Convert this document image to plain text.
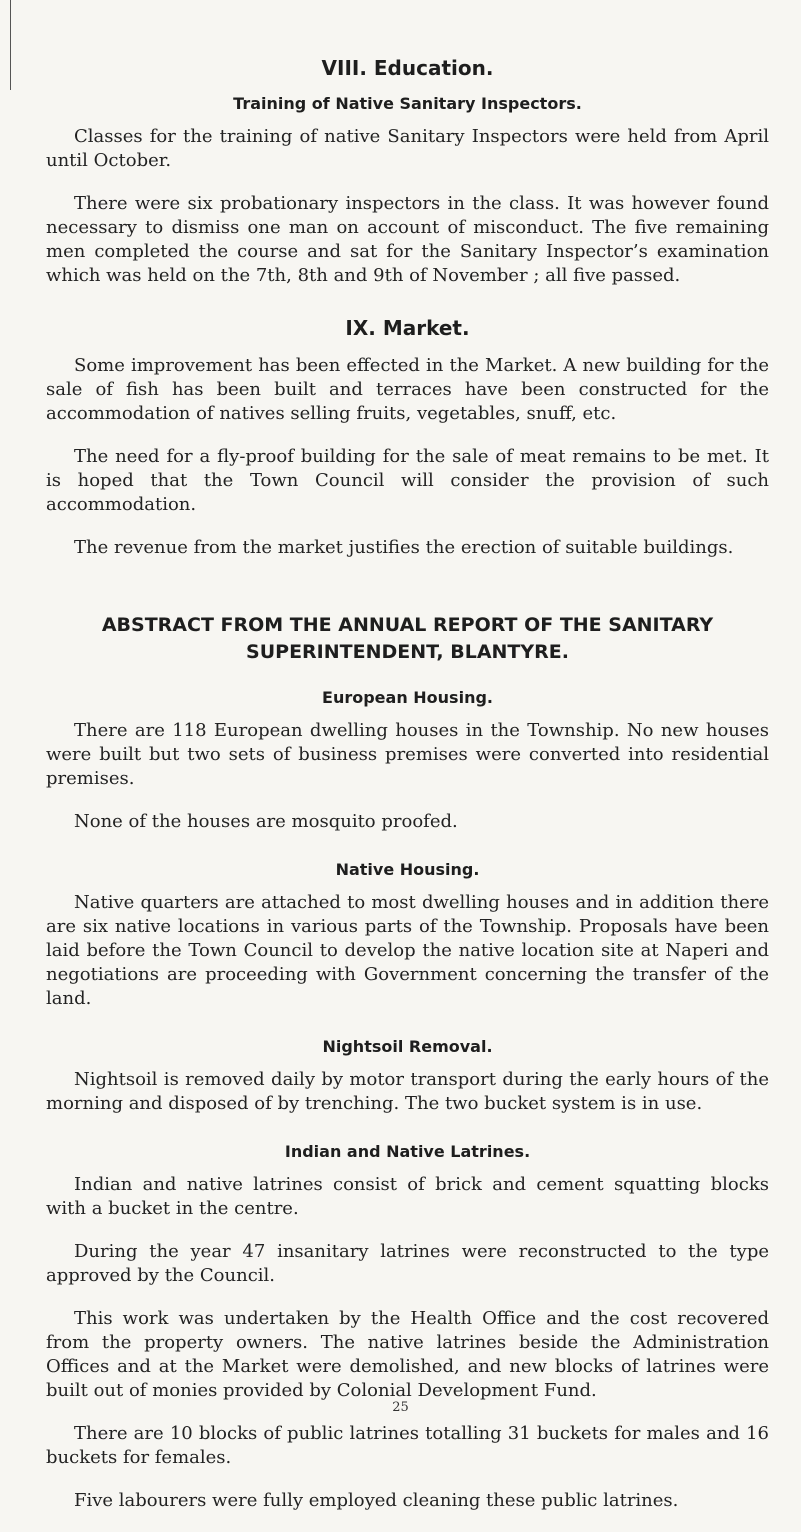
VIII. Education.
Training of Native Sanitary Inspectors.

Classes for the training of native Sanitary Inspectors were held from April until October.

There were six probationary inspectors in the class. It was however found necessary to dismiss one man on account of misconduct. The five remaining men completed the course and sat for the Sanitary Inspector’s examination which was held on the 7th, 8th and 9th of November ; all five passed.

IX. Market.

Some improvement has been effected in the Market. A new building for the sale of fish has been built and terraces have been constructed for the accommodation of natives selling fruits, vegetables, snuff, etc.

The need for a fly-proof building for the sale of meat remains to be met. It is hoped that the Town Council will consider the provision of such accommodation.

The revenue from the market justifies the erection of suitable buildings.

ABSTRACT FROM THE ANNUAL REPORT OF THE SANITARY SUPERINTENDENT, BLANTYRE.
European Housing.

There are 118 European dwelling houses in the Township. No new houses were built but two sets of business premises were converted into residential premises.

None of the houses are mosquito proofed.

Native Housing.

Native quarters are attached to most dwelling houses and in addition there are six native locations in various parts of the Township. Proposals have been laid before the Town Council to develop the native location site at Naperi and negotiations are proceeding with Government concerning the transfer of the land.

Nightsoil Removal.

Nightsoil is removed daily by motor transport during the early hours of the morning and disposed of by trenching. The two bucket system is in use.

Indian and Native Latrines.

Indian and native latrines consist of brick and cement squatting blocks with a bucket in the centre.

During the year 47 insanitary latrines were reconstructed to the type approved by the Council.

This work was undertaken by the Health Office and the cost recovered from the property owners. The native latrines beside the Administration Offices and at the Market were demolished, and new blocks of latrines were built out of monies provided by Colonial Development Fund.

There are 10 blocks of public latrines totalling 31 buckets for males and 16 buckets for females.

Five labourers were fully employed cleaning these public latrines.

25
